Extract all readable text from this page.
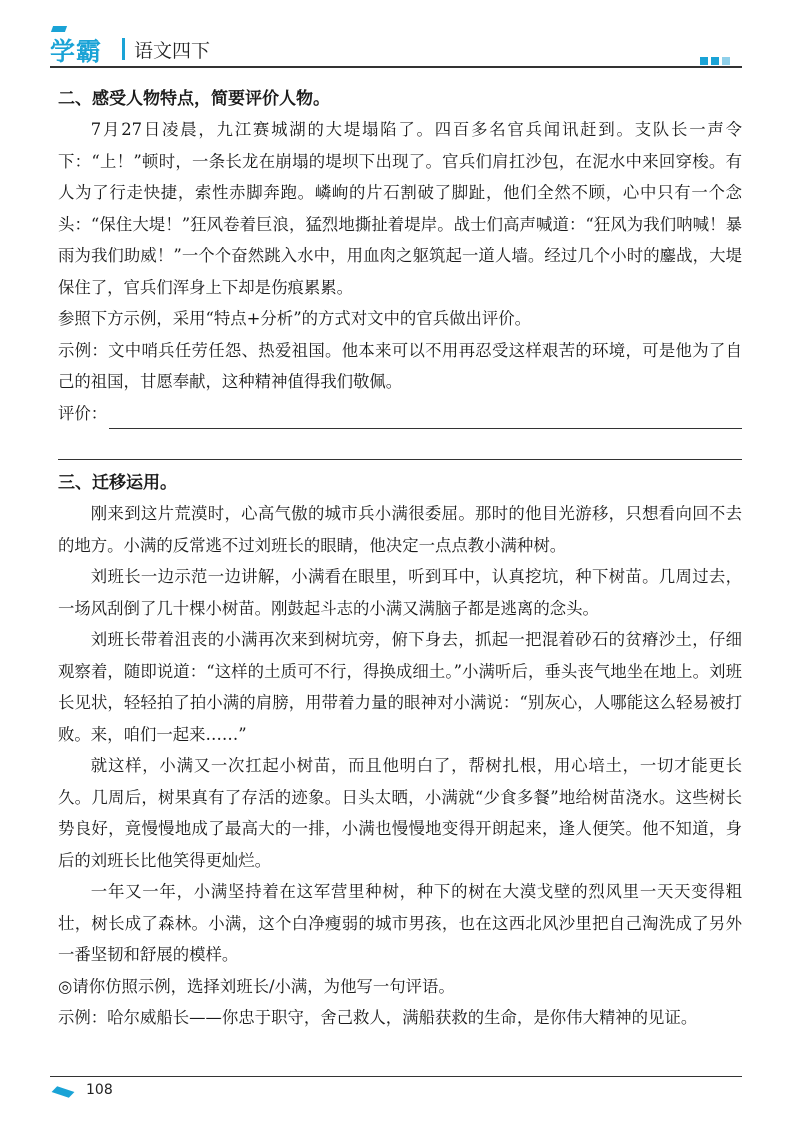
学霸 语文四下

二、感受人物特点，简要评价人物。

7月27日凌晨，九江赛城湖的大堤塌陷了。四百多名官兵闻讯赶到。支队长一声令下：“上！”顿时，一条长龙在崩塌的堤坝下出现了。官兵们肩扛沙包，在泥水中来回穿梭。有人为了行走快捷，索性赤脚奔跑。嶙峋的片石割破了脚趾，他们全然不顾，心中只有一个念头：“保住大堤！”狂风卷着巨浪，猛烈地撕扯着堤岸。战士们高声喊道：“狂风为我们呐喊！暴雨为我们助威！”一个个奋然跳入水中，用血肉之躯筑起一道人墙。经过几个小时的鏖战，大堤保住了，官兵们浑身上下却是伤痕累累。

参照下方示例，采用“特点+分析”的方式对文中的官兵做出评价。

示例：文中哨兵任劳任怨、热爱祖国。他本来可以不用再忍受这样艰苦的环境，可是他为了自己的祖国，甘愿奉献，这种精神值得我们敬佩。

评价：

三、迁移运用。

刚来到这片荒漠时，心高气傲的城市兵小满很委屈。那时的他目光游移，只想看向回不去的地方。小满的反常逃不过刘班长的眼睛，他决定一点点教小满种树。

刘班长一边示范一边讲解，小满看在眼里，听到耳中，认真挖坑，种下树苗。几周过去，一场风刮倒了几十棵小树苗。刚鼓起斗志的小满又满脑子都是逃离的念头。

刘班长带着沮丧的小满再次来到树坑旁，俯下身去，抓起一把混着砂石的贫瘠沙土，仔细观察着，随即说道：“这样的土质可不行，得换成细土。”小满听后，垂头丧气地坐在地上。刘班长见状，轻轻拍了拍小满的肩膀，用带着力量的眼神对小满说：“别灰心，人哪能这么轻易被打败。来，咱们一起来……”

就这样，小满又一次扛起小树苗，而且他明白了，帮树扎根，用心培土，一切才能更长久。几周后，树果真有了存活的迹象。日头太晒，小满就“少食多餐”地给树苗浇水。这些树长势良好，竟慢慢地成了最高大的一排，小满也慢慢地变得开朗起来，逢人便笑。他不知道，身后的刘班长比他笑得更灿烂。

一年又一年，小满坚持着在这军营里种树，种下的树在大漠戈壁的烈风里一天天变得粗壮，树长成了森林。小满，这个白净瘦弱的城市男孩，也在这西北风沙里把自己淘洗成了另外一番坚韧和舒展的模样。

◎请你仿照示例，选择刘班长/小满，为他写一句评语。

示例：哈尔威船长——你忠于职守，舍己救人，满船获救的生命，是你伟大精神的见证。

108
